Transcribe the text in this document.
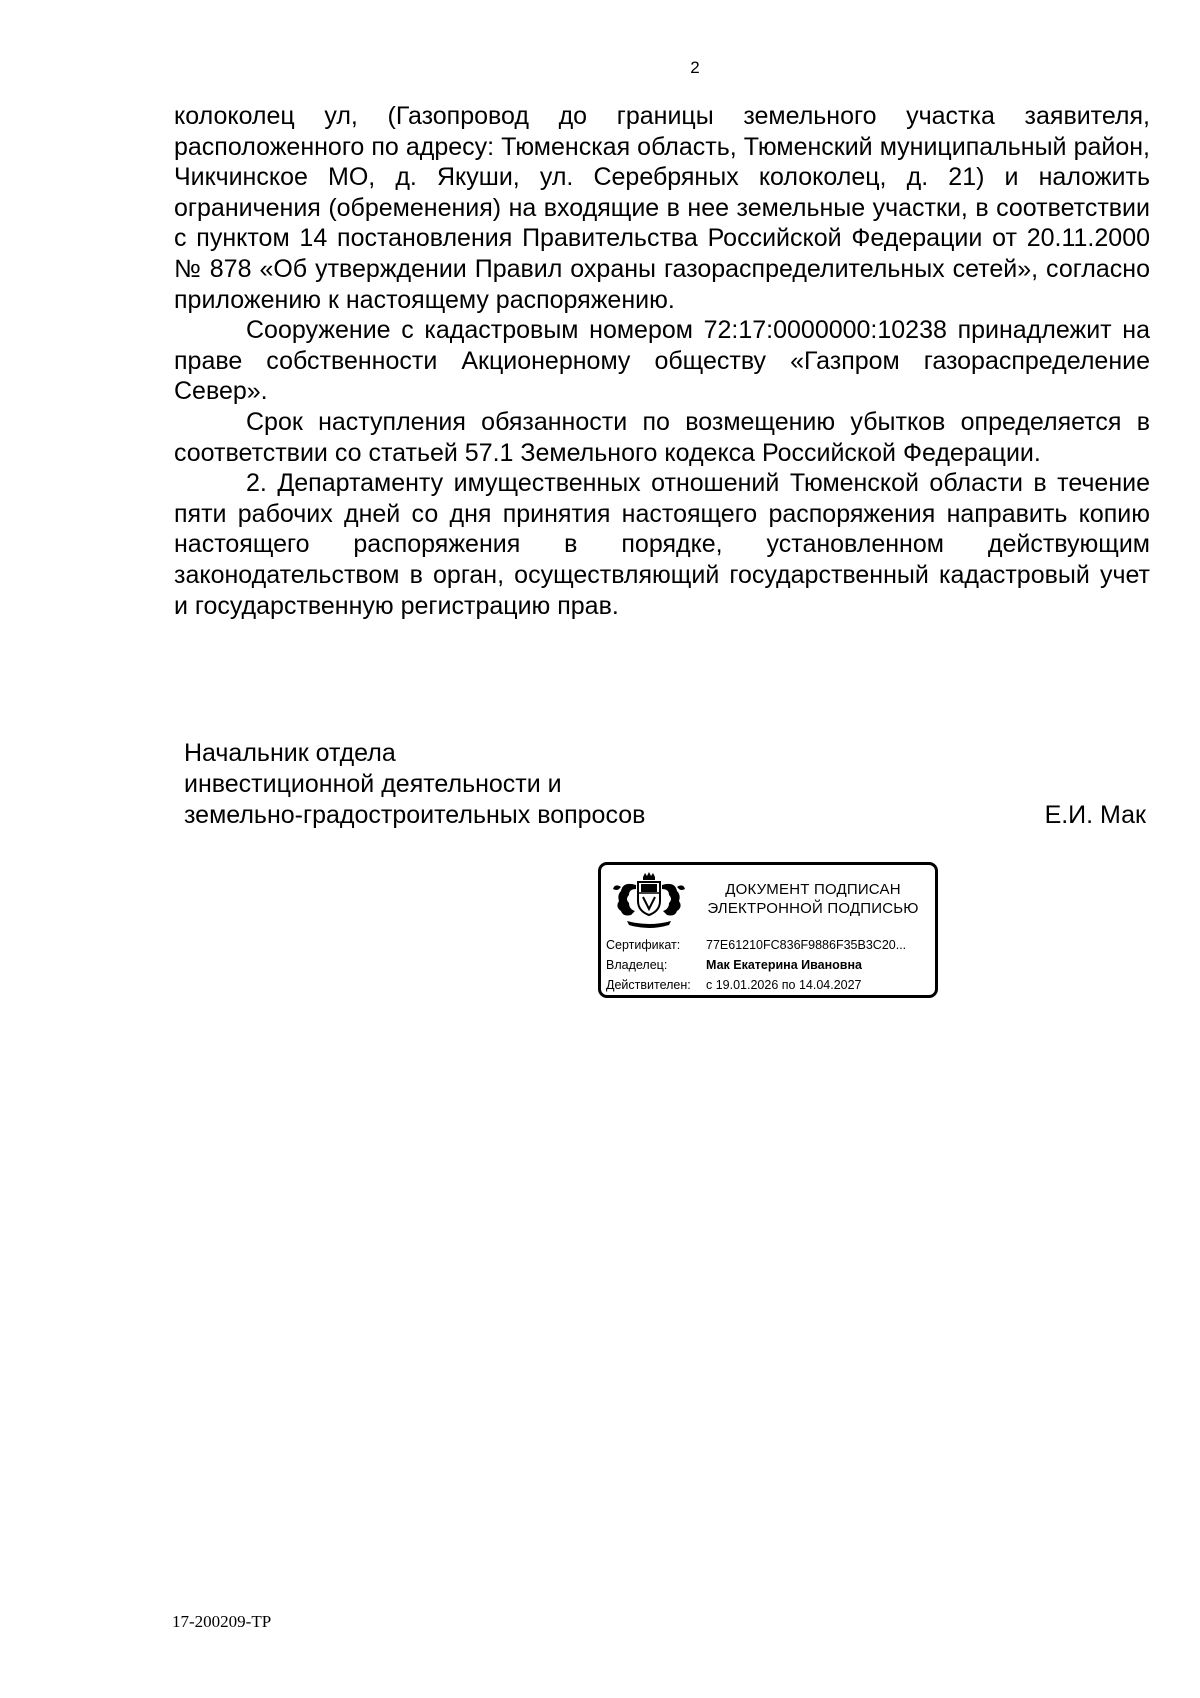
2

колоколец ул, (Газопровод до границы земельного участка заявителя, расположенного по адресу: Тюменская область, Тюменский муниципальный район, Чикчинское МО, д. Якуши, ул. Серебряных колоколец, д. 21) и наложить ограничения (обременения) на входящие в нее земельные участки, в соответствии с пунктом 14 постановления Правительства Российской Федерации от 20.11.2000 № 878 «Об утверждении Правил охраны газораспределительных сетей», согласно приложению к настоящему распоряжению.

Сооружение с кадастровым номером 72:17:0000000:10238 принадлежит на праве собственности Акционерному обществу «Газпром газораспределение Север».

Срок наступления обязанности по возмещению убытков определяется в соответствии со статьей 57.1 Земельного кодекса Российской Федерации.

2. Департаменту имущественных отношений Тюменской области в течение пяти рабочих дней со дня принятия настоящего распоряжения направить копию настоящего распоряжения в порядке, установленном действующим законодательством в орган, осуществляющий государственный кадастровый учет и государственную регистрацию прав.

Начальник отдела
инвестиционной деятельности и
земельно-градостроительных вопросов	Е.И. Мак
ДОКУМЕНТ ПОДПИСАН
ЭЛЕКТРОННОЙ ПОДПИСЬЮ
Сертификат:	77E61210FC836F9886F35B3C20...
Владелец:	Мак Екатерина Ивановна
Действителен:	с 19.01.2026 по 14.04.2027
17-200209-ТР
